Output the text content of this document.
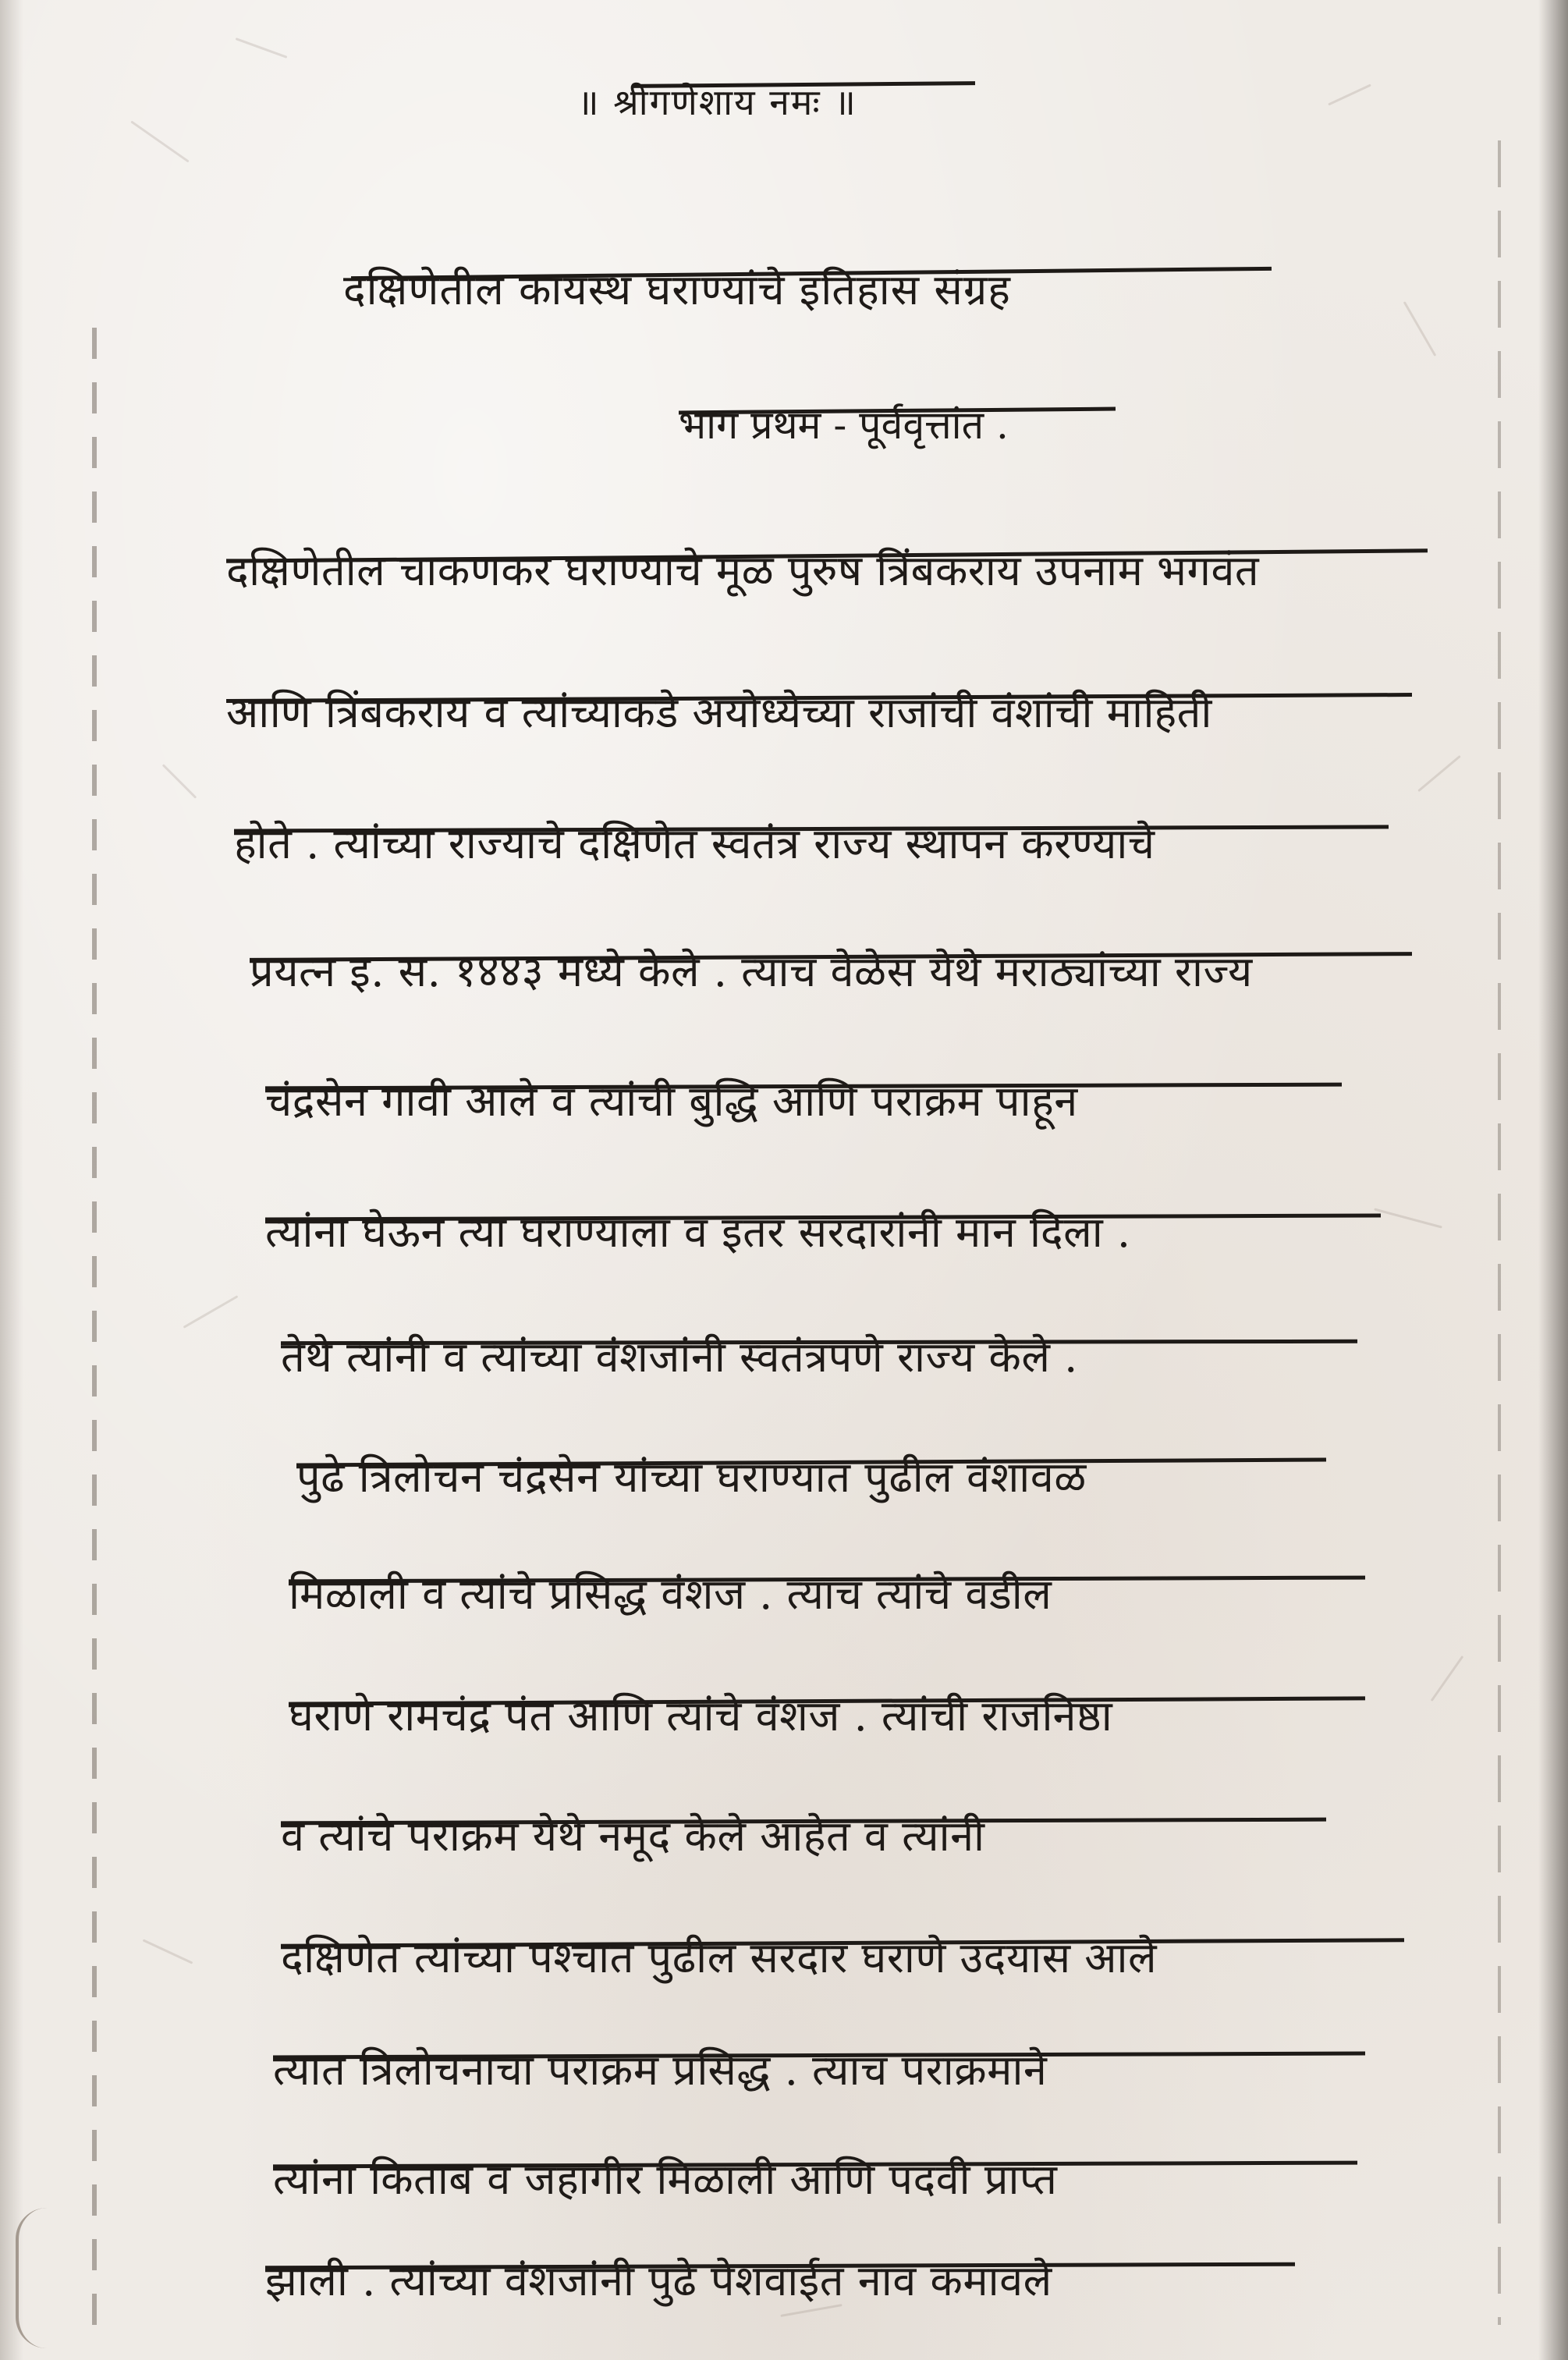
॥ श्रीगणेशाय नमः ॥
दक्षिणेतील कायस्थ घराण्यांचे इतिहास संग्रह
भाग प्रथम - पूर्ववृत्तांत .
दक्षिणेतील चाकणकर घराण्याचे मूळ पुरुष त्रिंबकराय उपनाम भगवंत
आणि त्रिंबकराय व त्यांच्याकडे अयोध्येच्या राजांची वंशांची माहिती
होते . त्यांच्या राज्याचे दक्षिणेत स्वतंत्र राज्य स्थापन करण्याचे
प्रयत्न इ. स. १४४३ मध्ये केले . त्याच वेळेस येथे मराठ्यांच्या राज्य
चंद्रसेन गावी आले व त्यांची बुद्धि आणि पराक्रम पाहून
त्यांना घेऊन त्या घराण्याला व इतर सरदारांनी मान दिला .
तेथे त्यांनी व त्यांच्या वंशजांनी स्वतंत्रपणे राज्य केले .
पुढे त्रिलोचन चंद्रसेन यांच्या घराण्यात पुढील वंशावळ
मिळाली व त्यांचे प्रसिद्ध वंशज . त्याच त्यांचे वडील
घराणे रामचंद्र पंत आणि त्यांचे वंशज . त्यांची राजनिष्ठा
व त्यांचे पराक्रम येथे नमूद केले आहेत व त्यांनी
दक्षिणेत त्यांच्या पश्चात पुढील सरदार घराणे उदयास आले
त्यात त्रिलोचनाचा पराक्रम प्रसिद्ध . त्याच पराक्रमाने
त्यांना किताब व जहागीर मिळाली आणि पदवी प्राप्त
झाली . त्यांच्या वंशजांनी पुढे पेशवाईत नाव कमावले
